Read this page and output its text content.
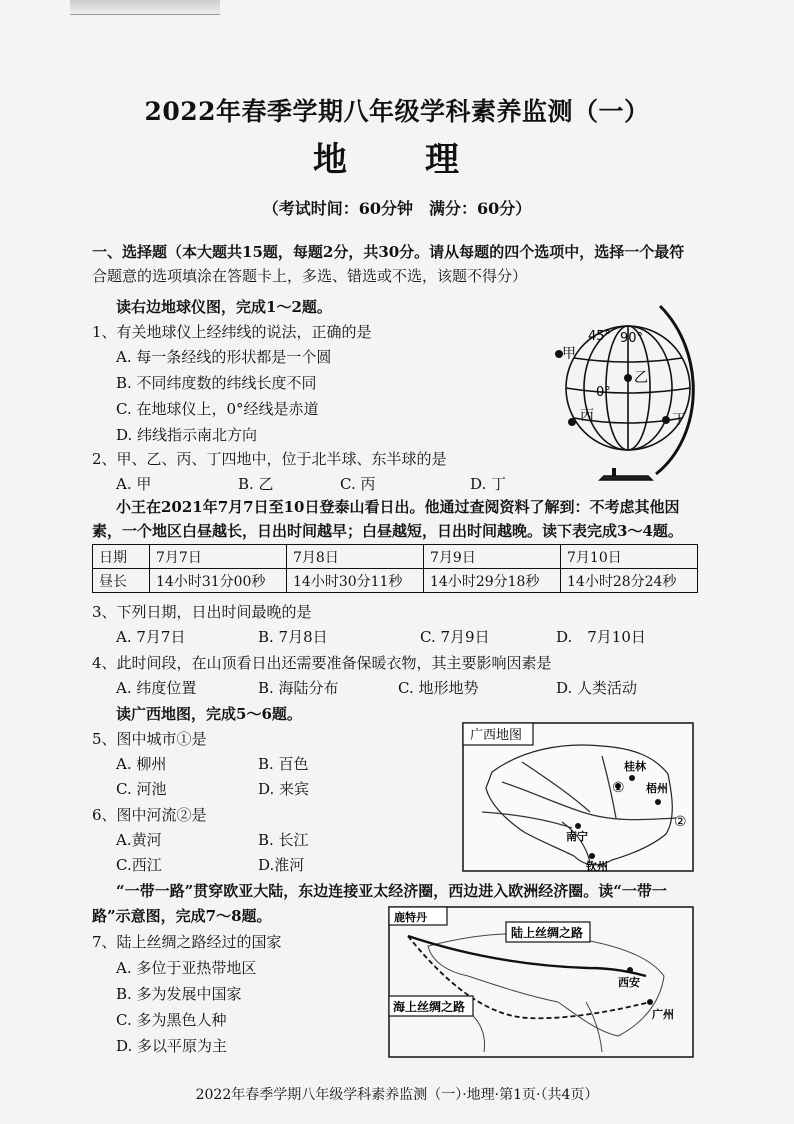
2022年春季学期八年级学科素养监测（一）
地　理
（考试时间：60分钟　满分：60分）
一、选择题（本大题共15题，每题2分，共30分。请从每题的四个选项中，选择一个最符
合题意的选项填涂在答题卡上，多选、错选或不选，该题不得分）
读右边地球仪图，完成1～2题。
1、有关地球仪上经纬线的说法，正确的是
A. 每一条经线的形状都是一个圆
B. 不同纬度数的纬线长度不同
C. 在地球仪上，0°经线是赤道
D. 纬线指示南北方向
2、甲、乙、丙、丁四地中，位于北半球、东半球的是
A. 甲	B. 乙	C. 丙	D. 丁
45° 90°
0°
甲
乙
丙	丁
小王在2021年7月7日至10日登泰山看日出。他通过查阅资料了解到：不考虑其他因
素，一个地区白昼越长，日出时间越早；白昼越短，日出时间越晚。读下表完成3～4题。
日期	7月7日	7月8日	7月9日	7月10日
昼长	14小时31分00秒	14小时30分11秒	14小时29分18秒	14小时28分24秒
3、下列日期，日出时间最晚的是
A. 7月7日	B. 7月8日	C. 7月9日	D.　7月10日
4、此时间段，在山顶看日出还需要准备保暖衣物，其主要影响因素是
A. 纬度位置	B. 海陆分布	C. 地形地势	D. 人类活动
读广西地图，完成5～6题。
5、图中城市①是
A. 柳州	B. 百色
C. 河池	D. 来宾
6、图中河流②是
A.黄河	B. 长江
C.西江	D.淮河
广西地图
桂林
梧州
南宁
钦州
①
②
“一带一路”贯穿欧亚大陆，东边连接亚太经济圈，西边进入欧洲经济圈。读“一带一
路”示意图，完成7～8题。
7、陆上丝绸之路经过的国家
A. 多位于亚热带地区
B. 多为发展中国家
C. 多为黑色人种
D. 多以平原为主
鹿特丹
陆上丝绸之路
海上丝绸之路
西安
广州
2022年春季学期八年级学科素养监测（一）·地理·第1页·（共4页）
